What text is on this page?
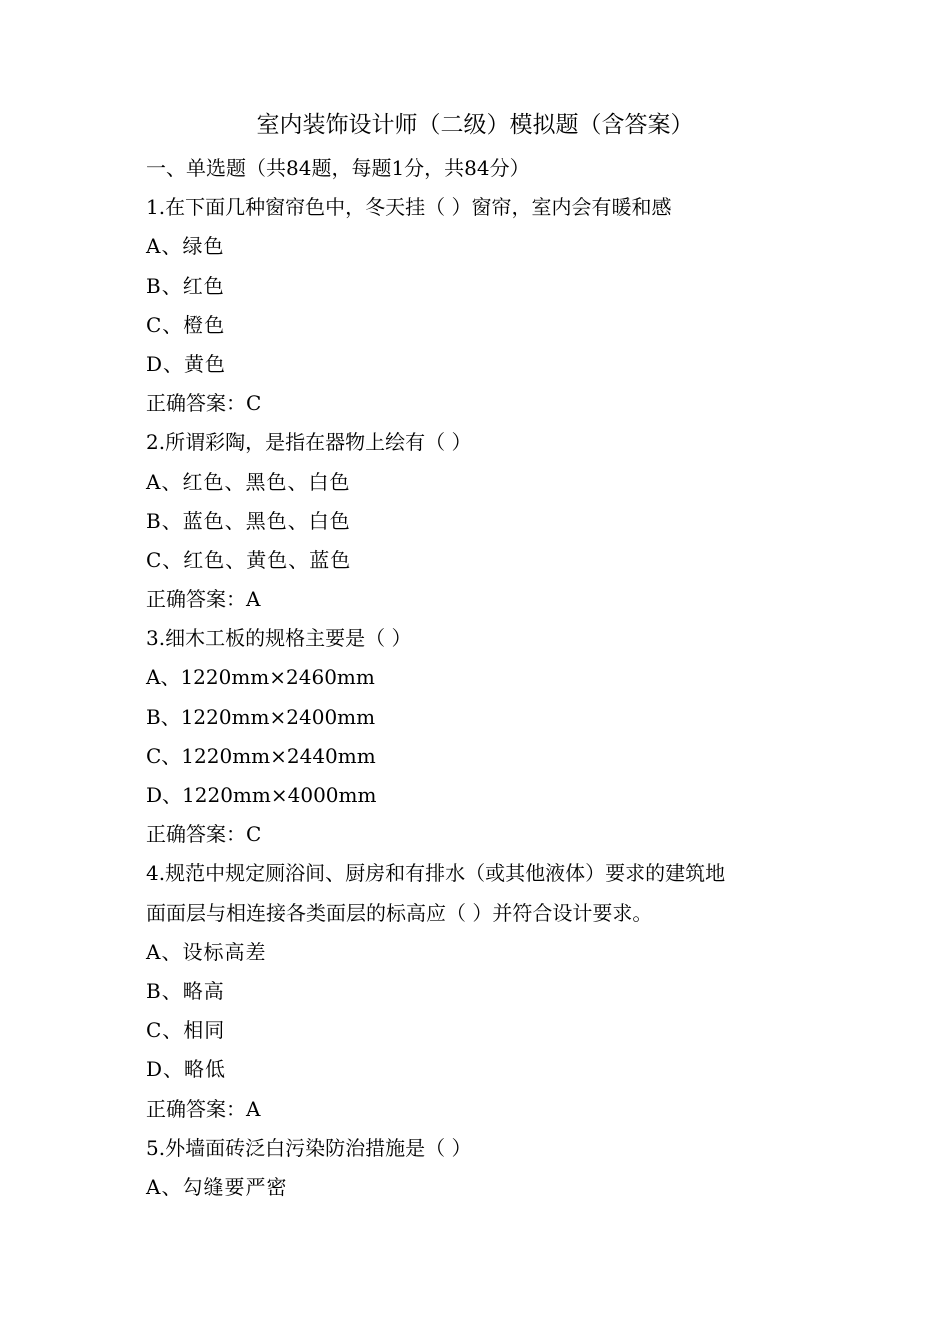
室内装饰设计师（二级）模拟题（含答案）
一、单选题（共84题，每题1分，共84分）
1.在下面几种窗帘色中，冬天挂（ ）窗帘，室内会有暖和感
A、绿色
B、红色
C、橙色
D、黄色
正确答案：C
2.所谓彩陶，是指在器物上绘有（ ）
A、红色、黑色、白色
B、蓝色、黑色、白色
C、红色、黄色、蓝色
正确答案：A
3.细木工板的规格主要是（ ）
A、1220mm×2460mm
B、1220mm×2400mm
C、1220mm×2440mm
D、1220mm×4000mm
正确答案：C
4.规范中规定厕浴间、厨房和有排水（或其他液体）要求的建筑地
面面层与相连接各类面层的标高应（ ）并符合设计要求。
A、设标高差
B、略高
C、相同
D、略低
正确答案：A
5.外墙面砖泛白污染防治措施是（ ）
A、勾缝要严密
